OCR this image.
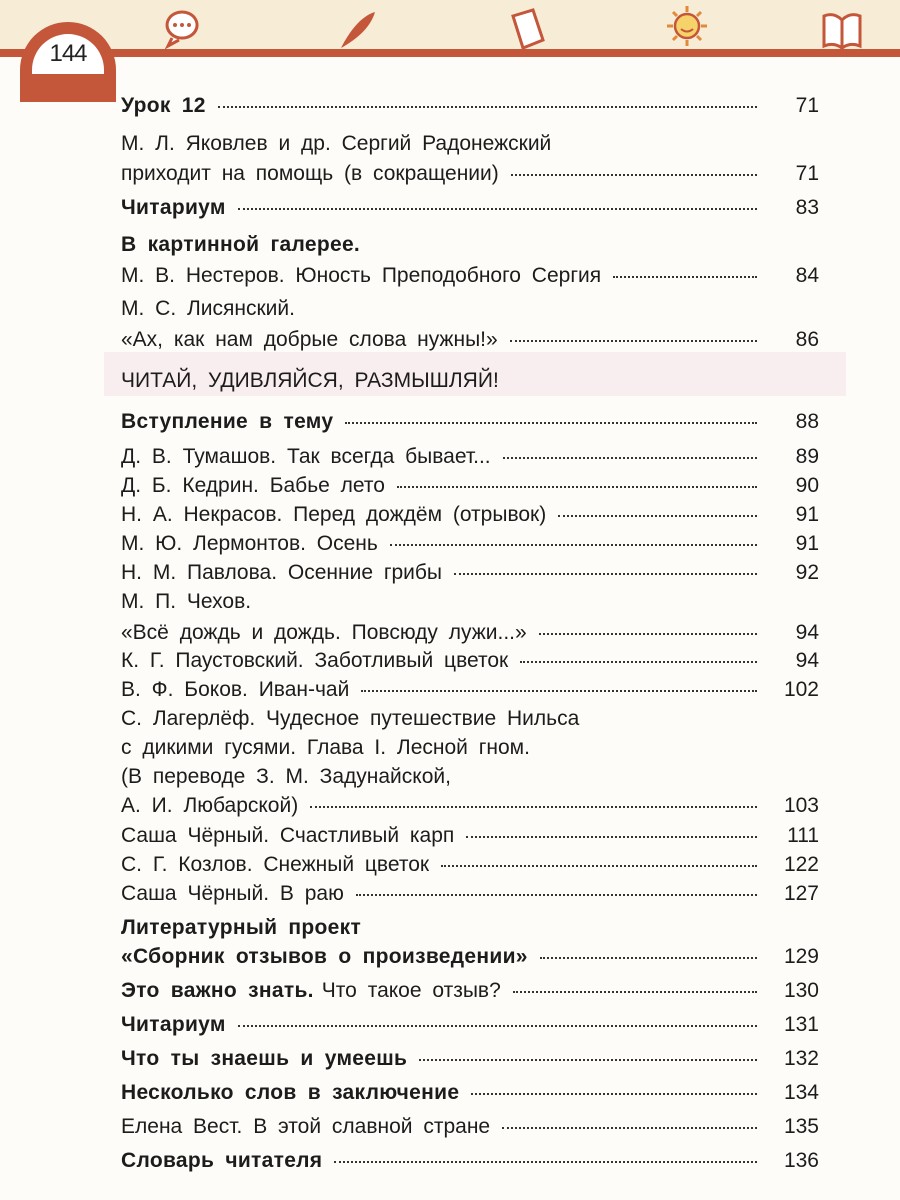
144
Урок 12	71
М. Л. Яковлев и др. Сергий Радонежский
приходит на помощь (в сокращении)	71
Читариум	83
В картинной галерее.
М. В. Нестеров. Юность Преподобного Сергия	84
М. С. Лисянский.
«Ах, как нам добрые слова нужны!»	86
ЧИТАЙ, УДИВЛЯЙСЯ, РАЗМЫШЛЯЙ!
Вступление в тему	88
Д. В. Тумашов. Так всегда бывает...	89
Д. Б. Кедрин. Бабье лето	90
Н. А. Некрасов. Перед дождём (отрывок)	91
М. Ю. Лермонтов. Осень	91
Н. М. Павлова. Осенние грибы	92
М. П. Чехов.
«Всё дождь и дождь. Повсюду лужи...»	94
К. Г. Паустовский. Заботливый цветок	94
В. Ф. Боков. Иван-чай	102
С. Лагерлёф. Чудесное путешествие Нильса
с дикими гусями. Глава I. Лесной гном.
(В переводе З. М. Задунайской,
А. И. Любарской)	103
Саша Чёрный. Счастливый карп	111
С. Г. Козлов. Снежный цветок	122
Саша Чёрный. В раю	127
Литературный проект
«Сборник отзывов о произведении»	129
Это важно знать. Что такое отзыв?	130
Читариум	131
Что ты знаешь и умеешь	132
Несколько слов в заключение	134
Елена Вест. В этой славной стране	135
Словарь читателя	136
